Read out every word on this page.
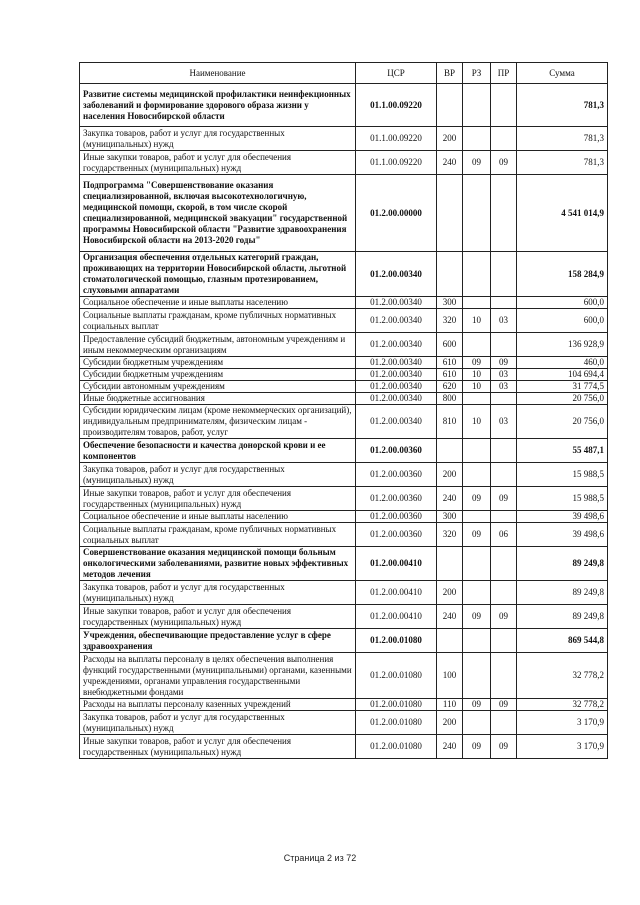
Наименование	ЦСР	ВР	РЗ	ПР	Сумма
Развитие системы медицинской профилактики неинфекционных заболеваний и формирование здорового образа жизни у населения Новосибирской области	01.1.00.09220				781,3
Закупка товаров, работ и услуг для государственных (муниципальных) нужд	01.1.00.09220	200			781,3
Иные закупки товаров, работ и услуг для обеспечения государственных (муниципальных) нужд	01.1.00.09220	240	09	09	781,3
Подпрограмма "Совершенствование оказания специализированной, включая высокотехнологичную, медицинской помощи, скорой, в том числе скорой специализированной, медицинской эвакуации" государственной программы Новосибирской области "Развитие здравоохранения Новосибирской области на 2013-2020 годы"	01.2.00.00000				4 541 014,9
Организация обеспечения отдельных категорий граждан, проживающих на территории Новосибирской области, льготной стоматологической помощью, глазным протезированием, слуховыми аппаратами	01.2.00.00340				158 284,9
Социальное обеспечение и иные выплаты населению	01.2.00.00340	300			600,0
Социальные выплаты гражданам, кроме публичных нормативных социальных выплат	01.2.00.00340	320	10	03	600,0
Предоставление субсидий бюджетным, автономным учреждениям и иным некоммерческим организациям	01.2.00.00340	600			136 928,9
Субсидии бюджетным учреждениям	01.2.00.00340	610	09	09	460,0
Субсидии бюджетным учреждениям	01.2.00.00340	610	10	03	104 694,4
Субсидии автономным учреждениям	01.2.00.00340	620	10	03	31 774,5
Иные бюджетные ассигнования	01.2.00.00340	800			20 756,0
Субсидии юридическим лицам (кроме некоммерческих организаций), индивидуальным предпринимателям, физическим лицам - производителям товаров, работ, услуг	01.2.00.00340	810	10	03	20 756,0
Обеспечение безопасности и качества донорской крови и ее компонентов	01.2.00.00360				55 487,1
Закупка товаров, работ и услуг для государственных (муниципальных) нужд	01.2.00.00360	200			15 988,5
Иные закупки товаров, работ и услуг для обеспечения государственных (муниципальных) нужд	01.2.00.00360	240	09	09	15 988,5
Социальное обеспечение и иные выплаты населению	01.2.00.00360	300			39 498,6
Социальные выплаты гражданам, кроме публичных нормативных социальных выплат	01.2.00.00360	320	09	06	39 498,6
Совершенствование оказания медицинской помощи больным онкологическими заболеваниями, развитие новых эффективных методов лечения	01.2.00.00410				89 249,8
Закупка товаров, работ и услуг для государственных (муниципальных) нужд	01.2.00.00410	200			89 249,8
Иные закупки товаров, работ и услуг для обеспечения государственных (муниципальных) нужд	01.2.00.00410	240	09	09	89 249,8
Учреждения, обеспечивающие предоставление услуг в сфере здравоохранения	01.2.00.01080				869 544,8
Расходы на выплаты персоналу в целях обеспечения выполнения функций государственными (муниципальными) органами, казенными учреждениями, органами управления государственными внебюджетными фондами	01.2.00.01080	100			32 778,2
Расходы на выплаты персоналу казенных учреждений	01.2.00.01080	110	09	09	32 778,2
Закупка товаров, работ и услуг для государственных (муниципальных) нужд	01.2.00.01080	200			3 170,9
Иные закупки товаров, работ и услуг для обеспечения государственных (муниципальных) нужд	01.2.00.01080	240	09	09	3 170,9
Страница 2 из 72
